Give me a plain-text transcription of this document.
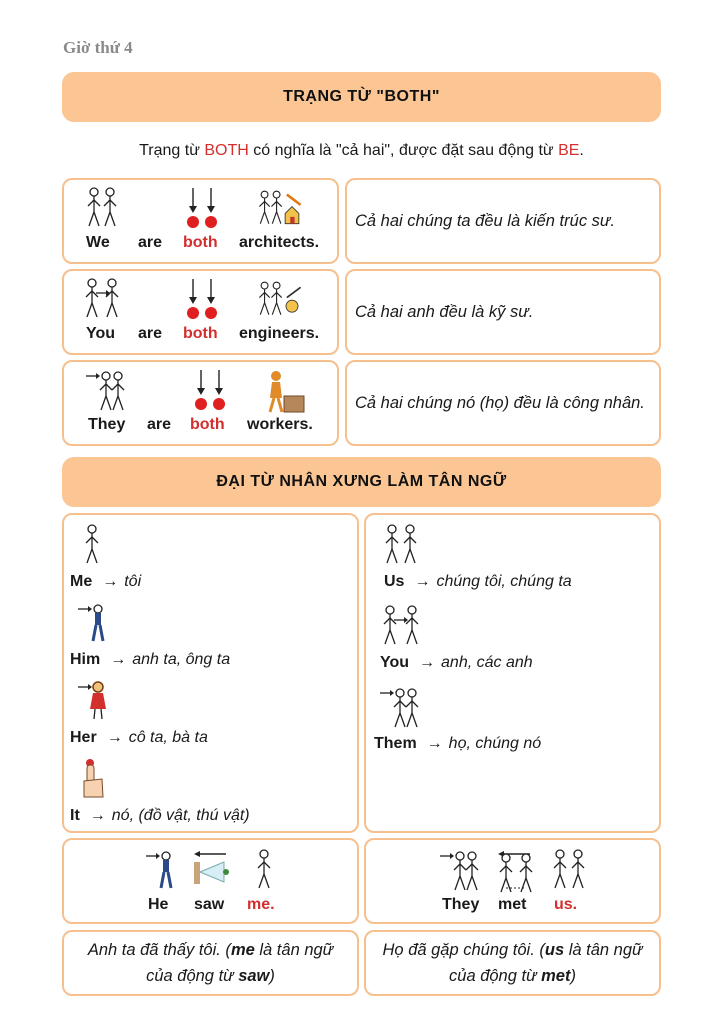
Giờ thứ 4
TRẠNG TỪ "BOTH"
Trạng từ BOTH có nghĩa là "cả hai", được đặt sau động từ BE.
We are both architects.
Cả hai chúng ta đều là kiến trúc sư.
You are both engineers.
Cả hai anh đều là kỹ sư.
They are both workers.
Cả hai chúng nó (họ) đều là công nhân.
ĐẠI TỪ NHÂN XƯNG LÀM TÂN NGỮ
Me → tôi
Him → anh ta, ông ta
Her → cô ta, bà ta
It → nó, (đồ vật, thú vật)
Us → chúng tôi, chúng ta
You → anh, các anh
Them → họ, chúng nó
He saw me.	They met us.
Anh ta đã thấy tôi. (me là tân ngữ của động từ saw)
Họ đã gặp chúng tôi. (us là tân ngữ của động từ met)
